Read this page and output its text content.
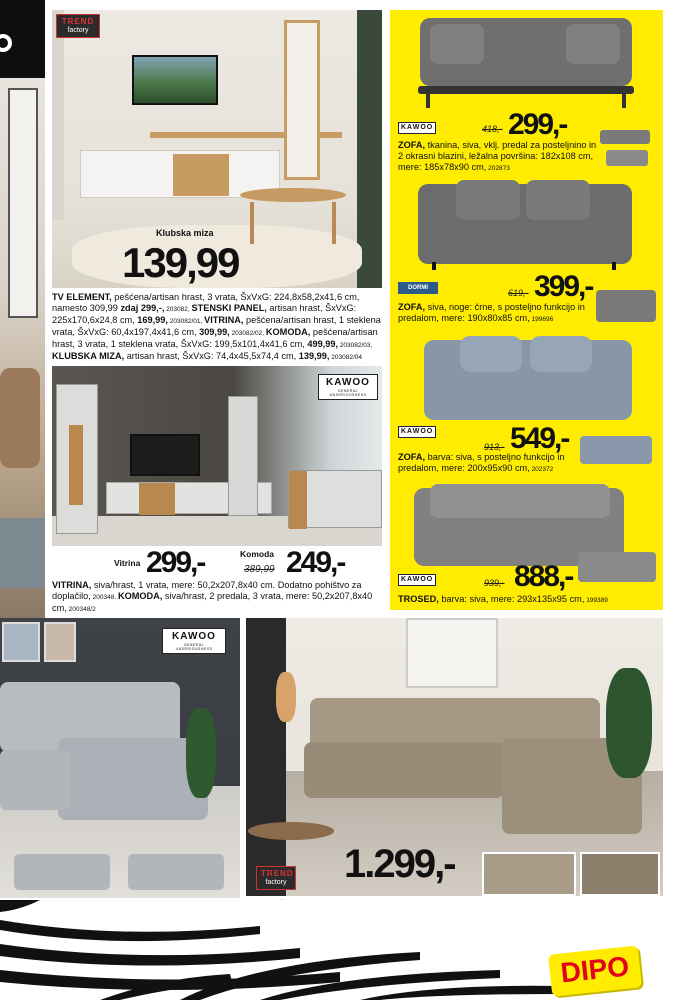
TREND
factory
Klubska miza
139,99
TV ELEMENT, pešćena/artisan hrast, 3 vrata, ŠxVxG: 224,8x58,2x41,6 cm, namesto 309,99 zdaj 299,-, 203082, STENSKI PANEL, artisan hrast, ŠxVxG: 225x170,6x24,8 cm, 169,99, 203082/01, VITRINA, pešćena/artisan hrast, 1 steklena vrata, ŠxVxG: 60,4x197,4x41,6 cm, 309,99, 203082/02, KOMODA, pešćena/artisan hrast, 3 vrata, 1 steklena vrata, ŠxVxG: 199,5x101,4x41,6 cm, 499,99, 203082/03, KLUBSKA MIZA, artisan hrast, ŠxVxG: 74,4x45,5x74,4 cm, 139,99, 203082/04
KAWOO
GENERAL UNSERIOUSNESS
Vitrina 299,-	Komoda
389,99 249,-
VITRINA, siva/hrast, 1 vrata, mere: 50,2x207,8x40 cm. Dodatno pohištvo za doplačilo, 200348. KOMODA, siva/hrast, 2 predala, 3 vrata, mere: 50,2x207,8x40 cm, 200348/2
KAWOO	418,- 299,-
ZOFA, tkanina, siva, vklj. predal za posteljnino in 2 okrasni blazini, ležalna površina: 182x108 cm, mere: 185x78x90 cm, 202873
DORMI	619,- 399,-
ZOFA, siva, noge: črne, s posteljno funkcijo in predalom, mere: 190x80x85 cm, 199696
KAWOO
913,- 549,-
ZOFA, barva: siva, s posteljno funkcijo in predalom, mere: 200x95x90 cm, 202372
KAWOO	939,- 888,-
TROSED, barva: siva, mere: 293x135x95 cm, 199389
KAWOO
GENERAL UNSERIOUSNESS
TREND
factory 1.299,-
DIPO
